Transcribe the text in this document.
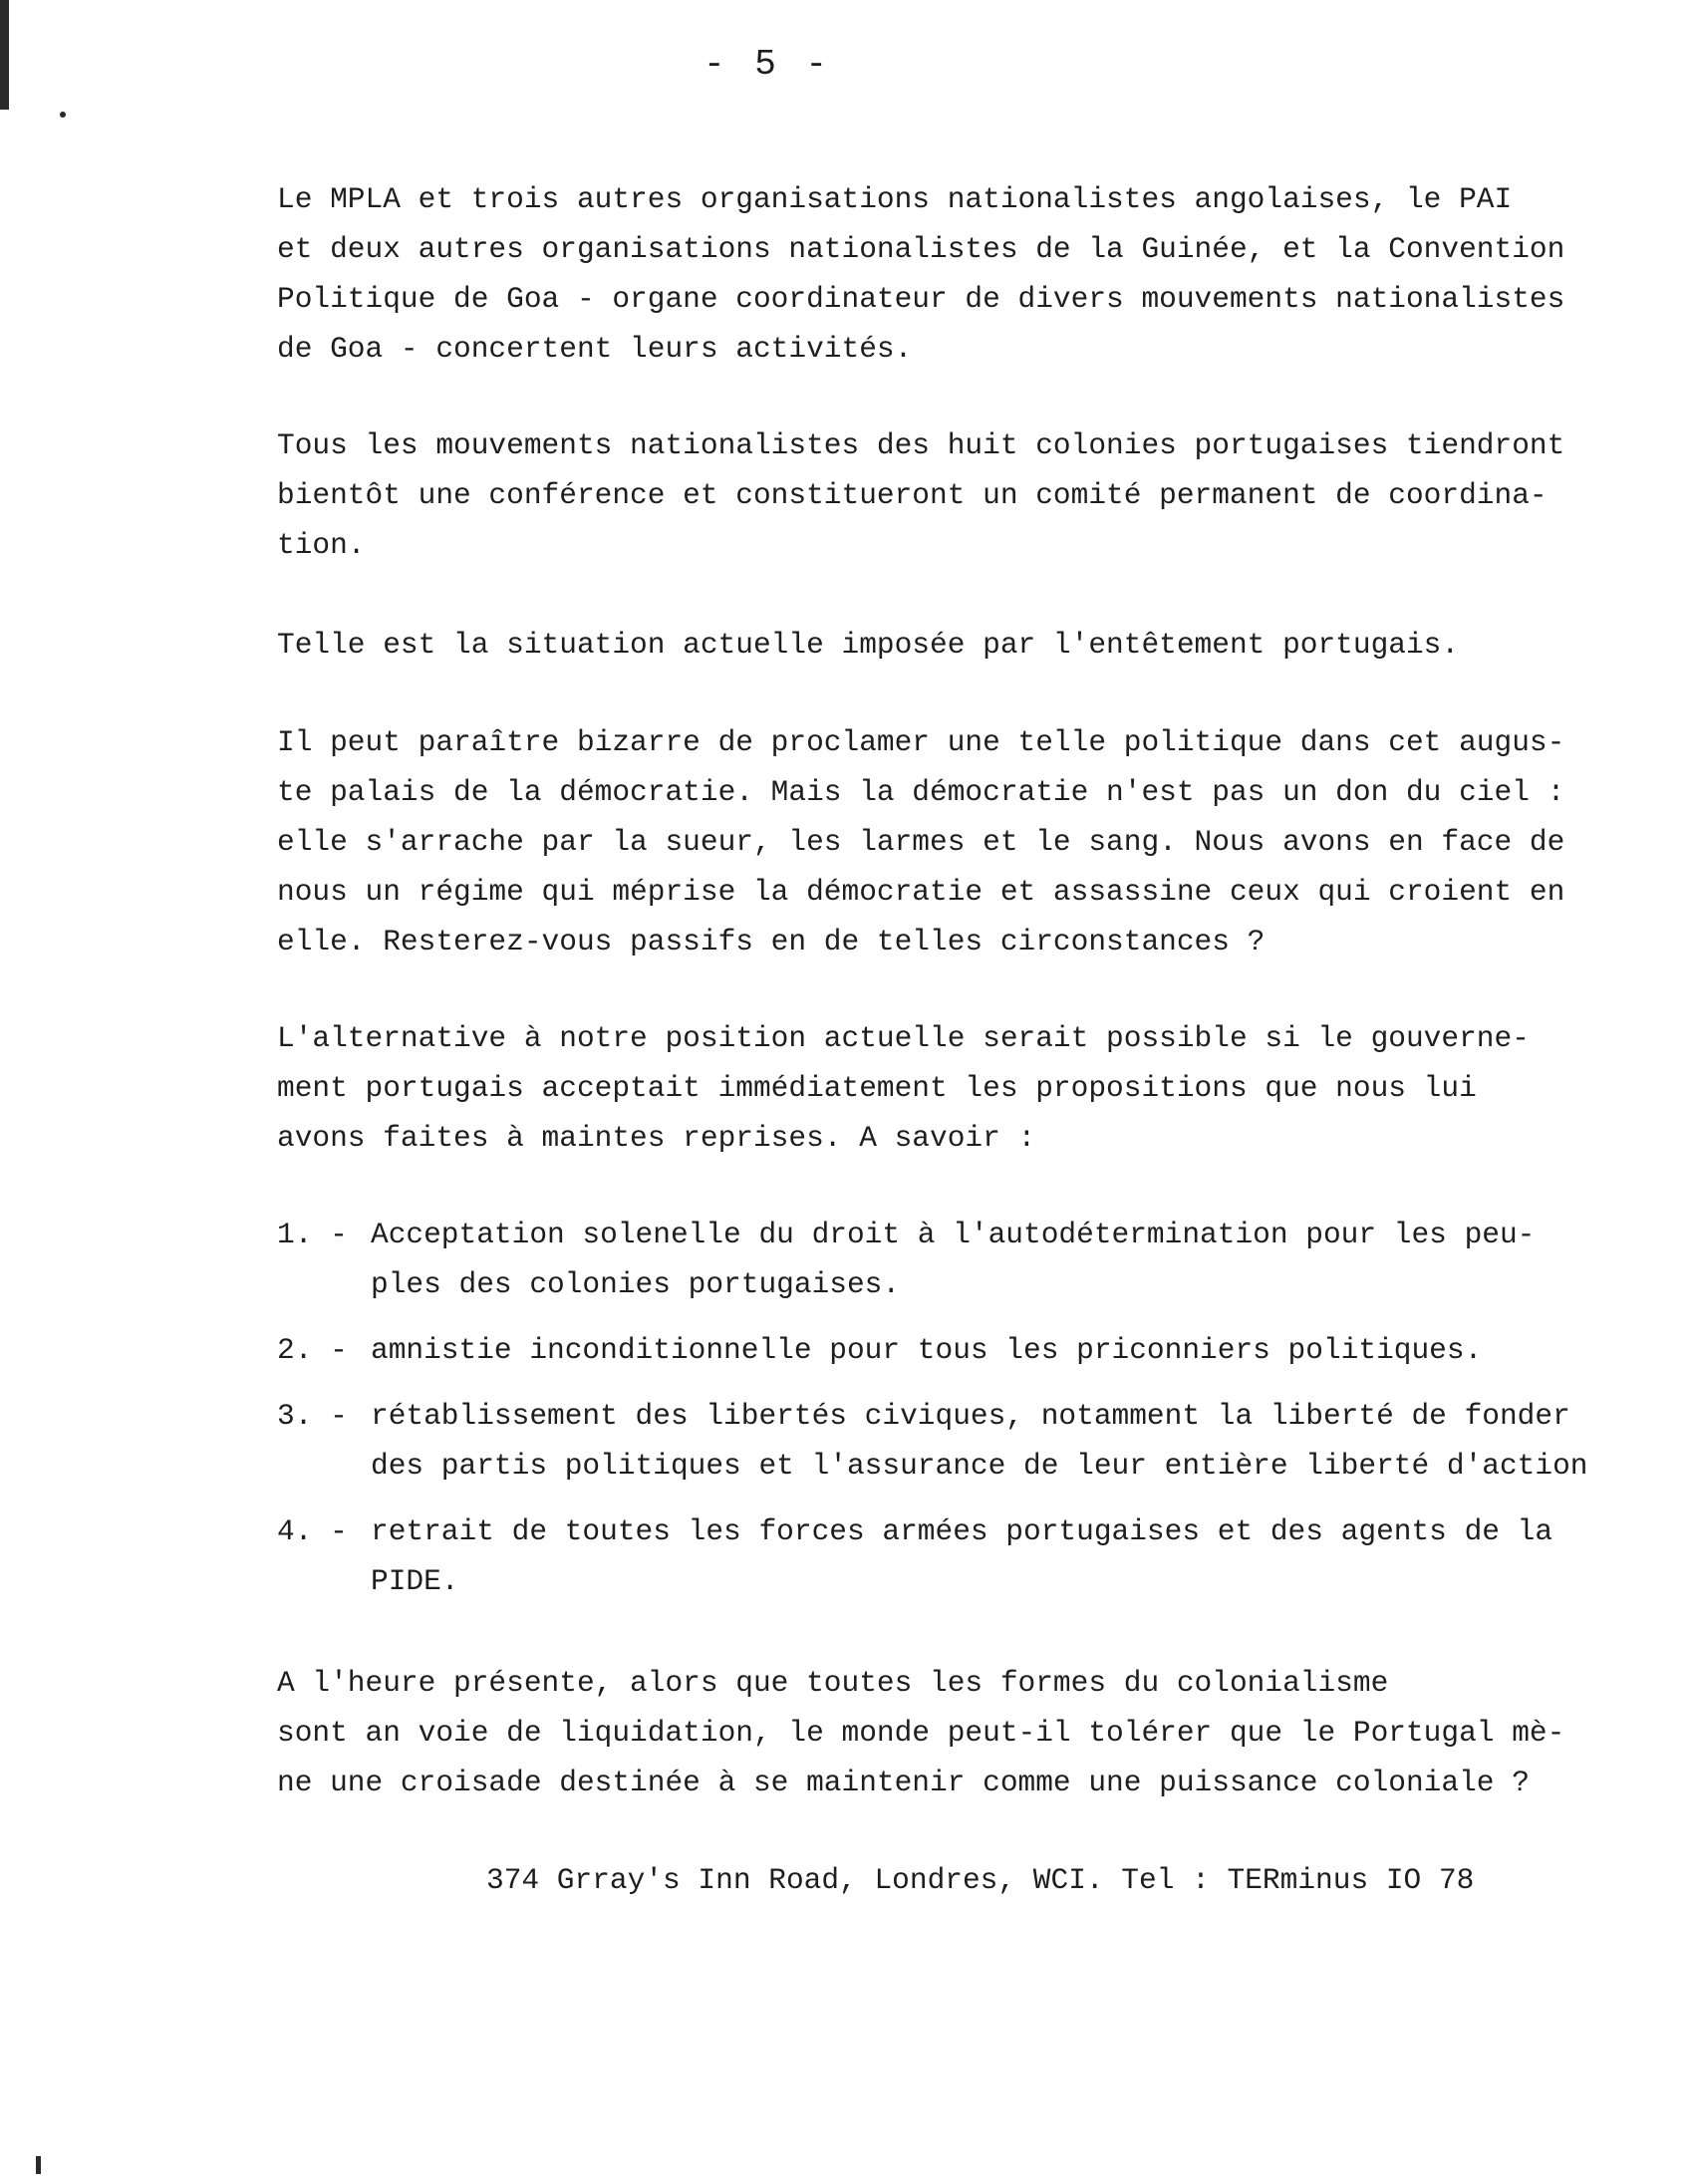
- 5 -
Le MPLA et trois autres organisations nationalistes angolaises, le PAI
et deux autres organisations nationalistes de la Guinée, et la Convention
Politique de Goa - organe coordinateur de divers mouvements nationalistes
de Goa - concertent leurs activités.
Tous les mouvements nationalistes des huit colonies portugaises tiendront
bientôt une conférence et constitueront un comité permanent de coordina-
tion.
Telle est la situation actuelle imposée par l'entêtement portugais.
Il peut paraître bizarre de proclamer une telle politique dans cet augus-
te palais de la démocratie. Mais la démocratie n'est pas un don du ciel :
elle s'arrache par la sueur, les larmes et le sang. Nous avons en face de
nous un régime qui méprise la démocratie et assassine ceux qui croient en
elle. Resterez-vous passifs en de telles circonstances ?
L'alternative à notre position actuelle serait possible si le gouverne-
ment portugais acceptait immédiatement les propositions que nous lui
avons faites à maintes reprises. A savoir :
1. - Acceptation solenelle du droit à l'autodétermination pour les peu-
ples des colonies portugaises.
2. - amnistie inconditionnelle pour tous les priconniers politiques.
3. - rétablissement des libertés civiques, notamment la liberté de fonder
des partis politiques et l'assurance de leur entière liberté d'action
4. - retrait de toutes les forces armées portugaises et des agents de la
PIDE.
A l'heure présente, alors que toutes les formes du colonialisme
sont an voie de liquidation, le monde peut-il tolérer que le Portugal mè-
ne une croisade destinée à se maintenir comme une puissance coloniale ?
374 Grray's Inn Road, Londres, WCI. Tel : TERminus IO 78
